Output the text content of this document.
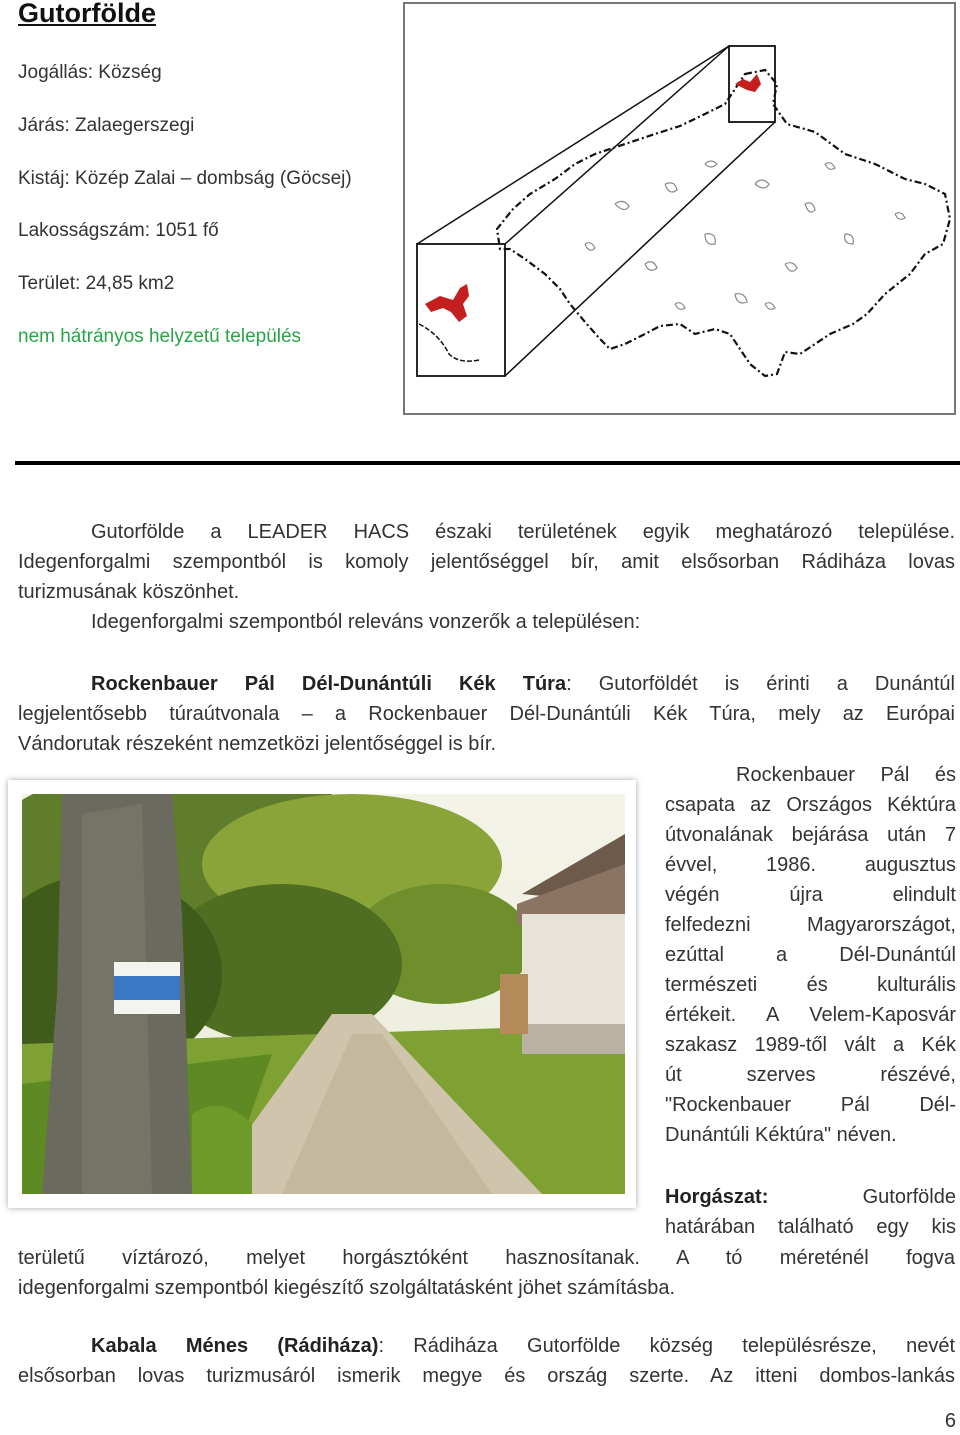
Gutorfölde
Jogállás: Község
Járás: Zalaegerszegi
Kistáj: Közép Zalai – dombság (Göcsej)
Lakosságszám: 1051 fő
Terület: 24,85 km2
nem hátrányos helyzetű település
Gutorfölde a LEADER HACS északi területének egyik meghatározó települése.
Idegenforgalmi szempontból is komoly jelentőséggel bír, amit elsősorban Rádiháza lovas
turizmusának köszönhet.
Idegenforgalmi szempontból releváns vonzerők a településen:
Rockenbauer Pál Dél-Dunántúli Kék Túra: Gutorföldét is érinti a Dunántúl
legjelentősebb túraútvonala – a Rockenbauer Dél-Dunántúli Kék Túra, mely az Európai
Vándorutak részeként nemzetközi jelentőséggel is bír.
Rockenbauer Pál és
csapata az Országos Kéktúra
útvonalának bejárása után 7
évvel, 1986. augusztus
végén újra elindult
felfedezni Magyarországot,
ezúttal a Dél-Dunántúl
természeti és kulturális
értékeit. A Velem-Kaposvár
szakasz 1989-től vált a Kék
út szerves részévé,
"Rockenbauer Pál Dél-
Dunántúli Kéktúra" néven.
Horgászat:	Gutorfölde
határában található egy kis
területű víztározó, melyet horgásztóként hasznosítanak. A tó méreténél fogva
idegenforgalmi szempontból kiegészítő szolgáltatásként jöhet számításba.
Kabala Ménes (Rádiháza): Rádiháza Gutorfölde község településrésze, nevét
elsősorban lovas turizmusáról ismerik megye és ország szerte. Az itteni dombos-lankás
6
